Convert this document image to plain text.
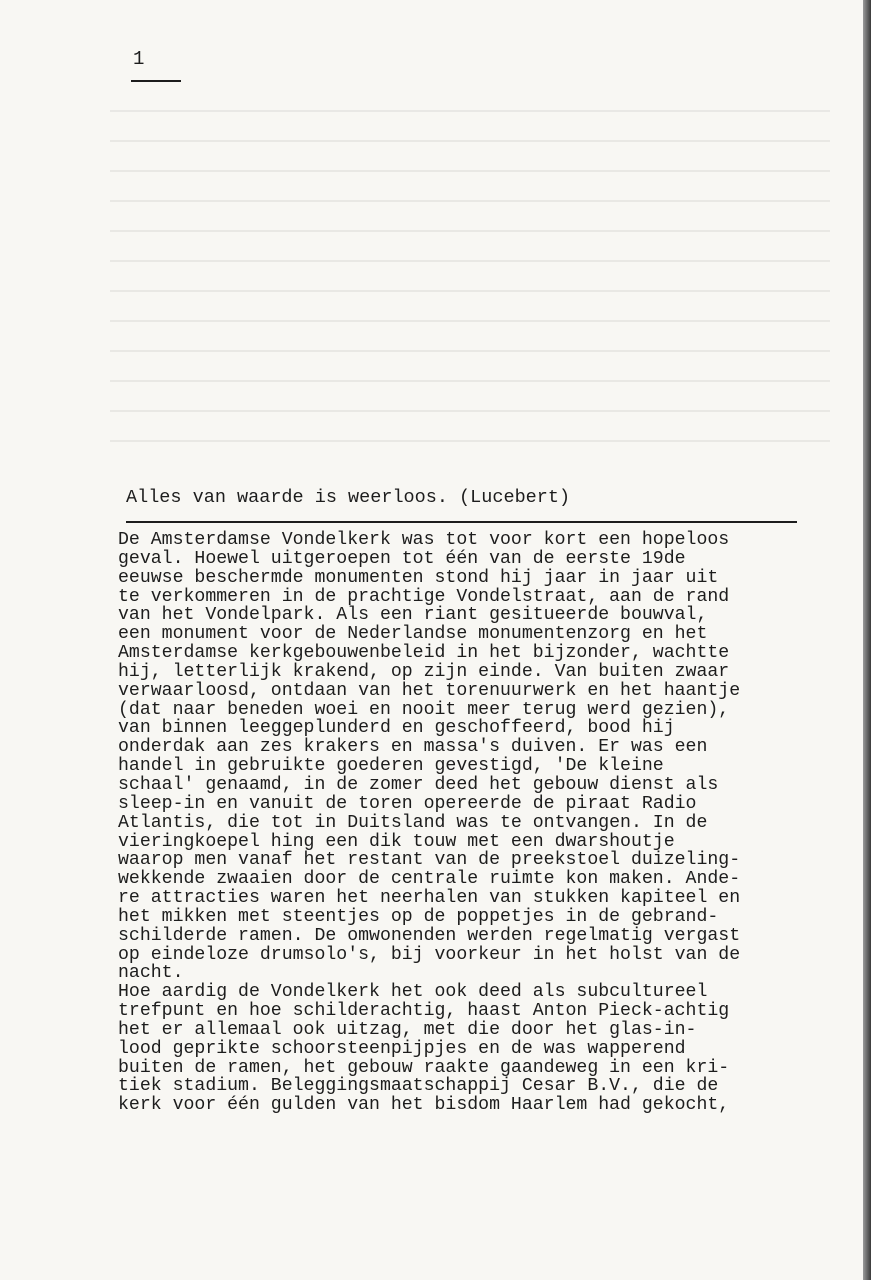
1
Alles van waarde is weerloos. (Lucebert)
De Amsterdamse Vondelkerk was tot voor kort een hopeloos
geval. Hoewel uitgeroepen tot één van de eerste 19de
eeuwse beschermde monumenten stond hij jaar in jaar uit
te verkommeren in de prachtige Vondelstraat, aan de rand
van het Vondelpark. Als een riant gesitueerde bouwval,
een monument voor de Nederlandse monumentenzorg en het
Amsterdamse kerkgebouwenbeleid in het bijzonder, wachtte
hij, letterlijk krakend, op zijn einde. Van buiten zwaar
verwaarloosd, ontdaan van het torenuurwerk en het haantje
(dat naar beneden woei en nooit meer terug werd gezien),
van binnen leeggeplunderd en geschoffeerd, bood hij
onderdak aan zes krakers en massa's duiven. Er was een
handel in gebruikte goederen gevestigd, 'De kleine
schaal' genaamd, in de zomer deed het gebouw dienst als
sleep-in en vanuit de toren opereerde de piraat Radio
Atlantis, die tot in Duitsland was te ontvangen. In de
vieringkoepel hing een dik touw met een dwarshoutje
waarop men vanaf het restant van de preekstoel duizeling-
wekkende zwaaien door de centrale ruimte kon maken. Ande-
re attracties waren het neerhalen van stukken kapiteel en
het mikken met steentjes op de poppetjes in de gebrand-
schilderde ramen. De omwonenden werden regelmatig vergast
op eindeloze drumsolo's, bij voorkeur in het holst van de
nacht.
Hoe aardig de Vondelkerk het ook deed als subcultureel
trefpunt en hoe schilderachtig, haast Anton Pieck-achtig
het er allemaal ook uitzag, met die door het glas-in-
lood geprikte schoorsteenpijpjes en de was wapperend
buiten de ramen, het gebouw raakte gaandeweg in een kri-
tiek stadium. Beleggingsmaatschappij Cesar B.V., die de
kerk voor één gulden van het bisdom Haarlem had gekocht,
